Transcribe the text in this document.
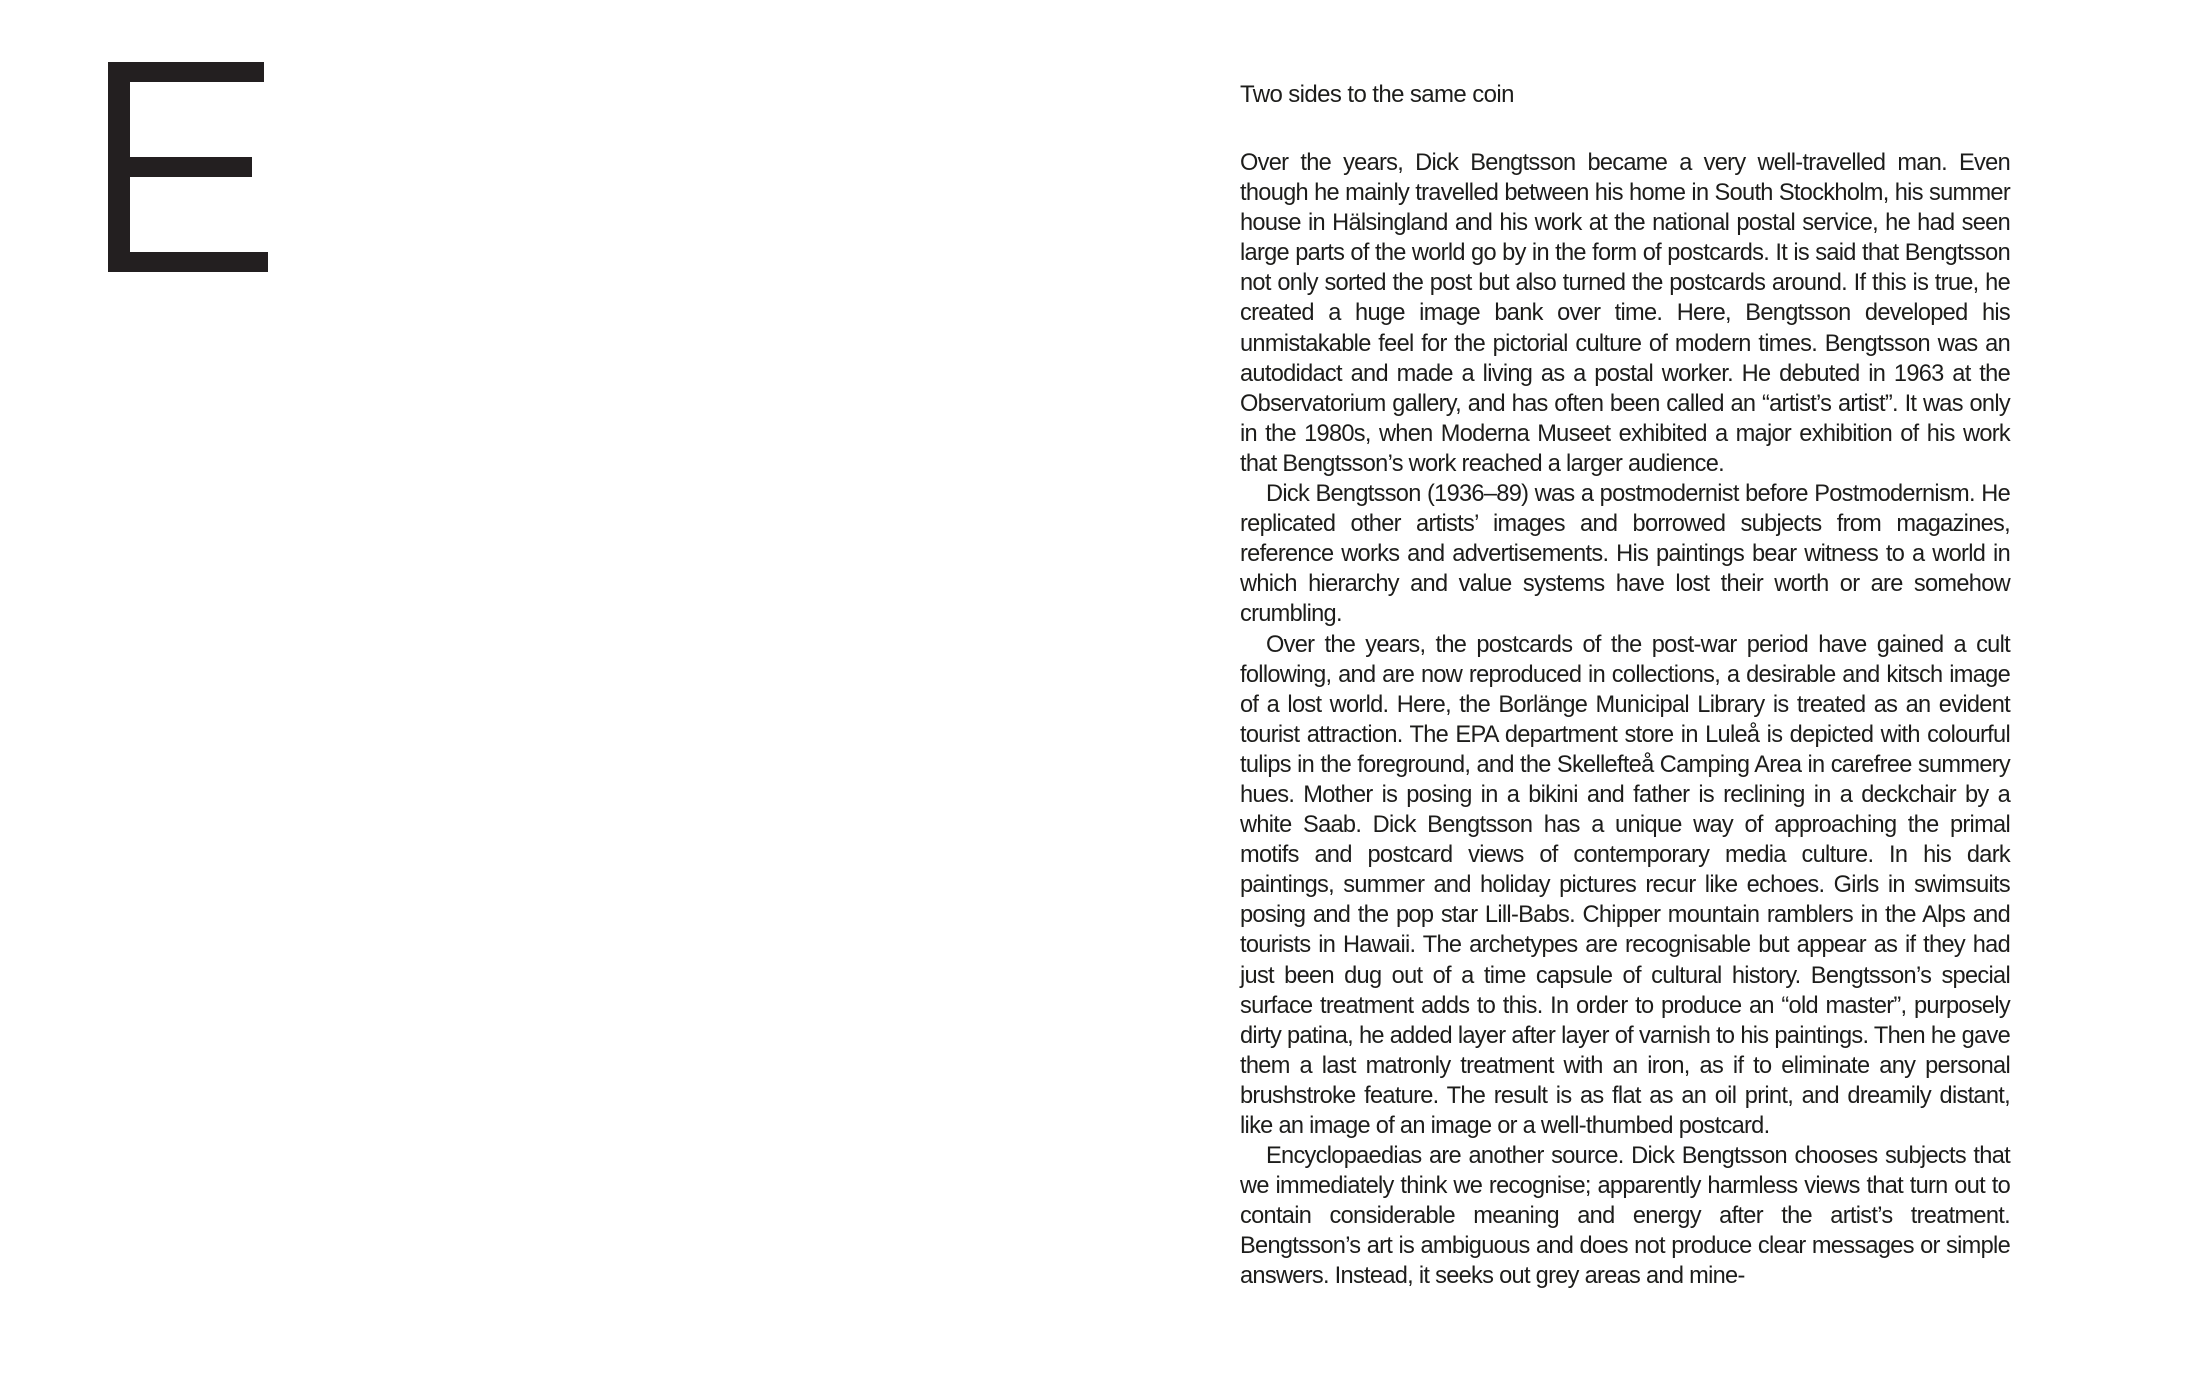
Two sides to the same coin

Over the years, Dick Bengtsson became a very well-travelled man. Even though he mainly travelled between his home in South Stockholm, his summer house in Hälsingland and his work at the national postal service, he had seen large parts of the world go by in the form of postcards. It is said that Bengtsson not only sorted the post but also turned the postcards around. If this is true, he created a huge image bank over time. Here, Bengtsson developed his unmistakable feel for the pictorial culture of modern times. Bengtsson was an autodidact and made a living as a postal worker. He debuted in 1963 at the Observatorium gallery, and has often been called an “artist’s artist”. It was only in the 1980s, when Moderna Museet exhibited a major exhibition of his work that Bengtsson’s work reached a larger audience.

Dick Bengtsson (1936–89) was a postmodernist before Postmodernism. He replicated other artists’ images and borrowed subjects from magazines, reference works and advertisements. His paintings bear witness to a world in which hierarchy and value systems have lost their worth or are somehow crumbling.

Over the years, the postcards of the post-war period have gained a cult following, and are now reproduced in collections, a desirable and kitsch image of a lost world. Here, the Borlänge Municipal Library is treated as an evident tourist attraction. The EPA department store in Luleå is depicted with colourful tulips in the foreground, and the Skellefteå Camping Area in carefree summery hues. Mother is posing in a bikini and father is reclining in a deckchair by a white Saab. Dick Bengtsson has a unique way of approaching the primal motifs and postcard views of contemporary media culture. In his dark paintings, summer and holiday pictures recur like echoes. Girls in swimsuits posing and the pop star Lill-Babs. Chipper mountain ramblers in the Alps and tourists in Hawaii. The archetypes are recognisable but appear as if they had just been dug out of a time capsule of cultural history. Bengtsson’s special surface treatment adds to this. In order to produce an “old master”, purposely dirty patina, he added layer after layer of varnish to his paintings. Then he gave them a last matronly treatment with an iron, as if to eliminate any personal brushstroke feature. The result is as flat as an oil print, and dreamily distant, like an image of an image or a well-thumbed postcard.

Encyclopaedias are another source. Dick Bengtsson chooses subjects that we immediately think we recognise; apparently harmless views that turn out to contain considerable meaning and energy after the artist’s treatment. Bengtsson’s art is ambiguous and does not produce clear messages or simple answers. Instead, it seeks out grey areas and mine-
